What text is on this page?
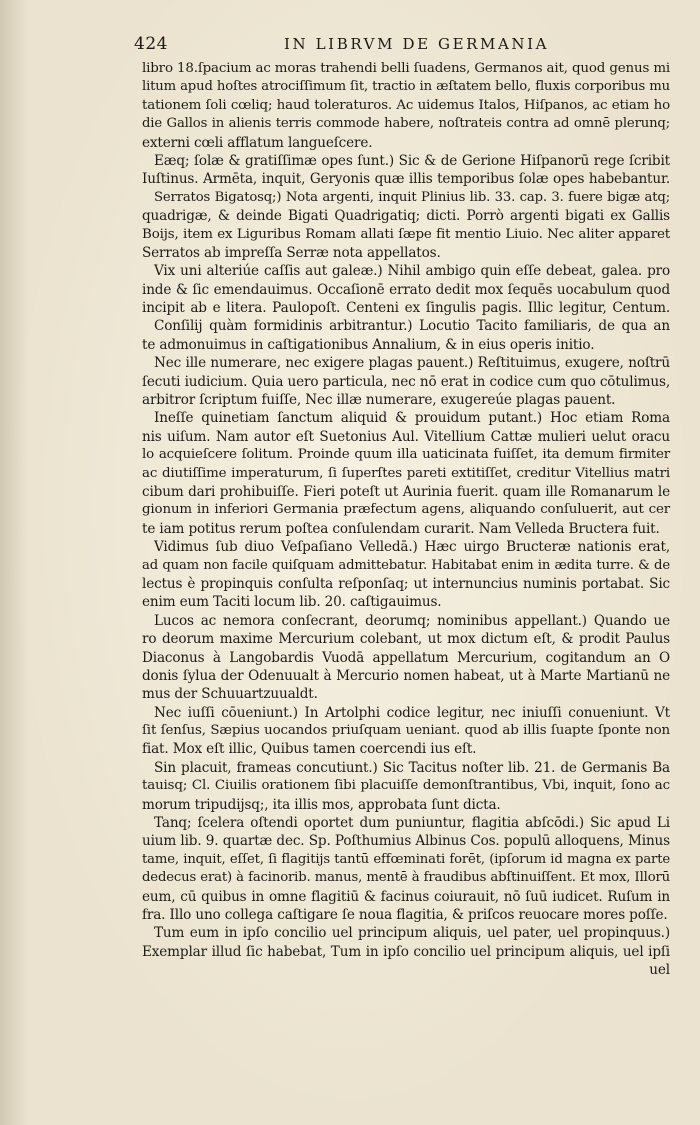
424	IN LIBRVM DE GERMANIA
libro 18.ſpacium ac moras trahendi belli ſuadens, Germanos ait, quod genus mi
litum apud hoſtes atrociſſimum ſit, tractio in æſtatem bello, fluxis corporibus mu
tationem ſoli cœliq; haud toleraturos. Ac uidemus Italos, Hiſpanos, ac etiam ho
die Gallos in alienis terris commode habere, noſtrateis contra ad omnē plerunq;
externi cœli afflatum langueſcere.
Eæq; ſolæ & gratiſſimæ opes ſunt.) Sic & de Gerione Hiſpanorū rege ſcribit
Iuſtinus. Armēta, inquit, Geryonis quæ illis temporibus ſolæ opes habebantur.
Serratos Bigatosq;) Nota argenti, inquit Plinius lib. 33. cap. 3. fuere bigæ atq;
quadrigæ, & deinde Bigati Quadrigatiq; dicti. Porrò argenti bigati ex Gallis
Boijs, item ex Liguribus Romam allati ſæpe fit mentio Liuio. Nec aliter apparet
Serratos ab impreſſa Serræ nota appellatos.
Vix uni alteriúe caſſis aut galeæ.) Nihil ambigo quin eſſe debeat, galea. pro
inde & ſic emendauimus. Occaſionē errato dedit mox ſequēs uocabulum quod
incipit ab e litera. Paulopoſt. Centeni ex ſingulis pagis. Illic legitur, Centum.
Conſilij quàm formidinis arbitrantur.) Locutio Tacito familiaris, de qua an
te admonuimus in caſtigationibus Annalium, & in eius operis initio.
Nec ille numerare, nec exigere plagas pauent.) Reſtituimus, exugere, noſtrū
ſecuti iudicium. Quia uero particula, nec nō erat in codice cum quo cōtulimus,
arbitror ſcriptum fuiſſe, Nec illæ numerare, exugereúe plagas pauent.
Ineſſe quinetiam ſanctum aliquid & prouidum putant.) Hoc etiam Roma
nis uiſum. Nam autor eſt Suetonius Aul. Vitellium Cattæ mulieri uelut oracu
lo acquieſcere ſolitum. Proinde quum illa uaticinata fuiſſet, ita demum firmiter
ac diutiſſime imperaturum, ſi ſuperſtes pareti extitiſſet, creditur Vitellius matri
cibum dari prohibuiſſe. Fieri poteſt ut Aurinia fuerit. quam ille Romanarum le
gionum in inferiori Germania præfectum agens, aliquando conſuluerit, aut cer
te iam potitus rerum poſtea conſulendam curarit. Nam Velleda Bructera fuit.
Vidimus ſub diuo Veſpaſiano Velledā.) Hæc uirgo Bructeræ nationis erat,
ad quam non facile quiſquam admittebatur. Habitabat enim in ædita turre. & de
lectus è propinquis conſulta reſponſaq; ut internuncius numinis portabat. Sic
enim eum Taciti locum lib. 20. caſtigauimus.
Lucos ac nemora conſecrant, deorumq; nominibus appellant.) Quando ue
ro deorum maxime Mercurium colebant, ut mox dictum eſt, & prodit Paulus
Diaconus à Langobardis Vuodā appellatum Mercurium, cogitandum an O
donis ſylua der Odenuualt à Mercurio nomen habeat, ut à Marte Martianū ne
mus der Schuuartzuualdt.
Nec iuſſi cōueniunt.) In Artolphi codice legitur, nec iniuſſi conueniunt. Vt
ſit ſenſus, Sæpius uocandos priuſquam ueniant. quod ab illis ſuapte ſponte non
fiat. Mox eſt illic, Quibus tamen coercendi ius eſt.
Sin placuit, frameas concutiunt.) Sic Tacitus noſter lib. 21. de Germanis Ba
tauisq; Cl. Ciuilis orationem ſibi placuiſſe demonſtrantibus, Vbi, inquit, ſono ac
morum tripudijsq;, ita illis mos, approbata ſunt dicta.
Tanq; ſcelera oſtendi oportet dum puniuntur, flagitia abſcōdi.) Sic apud Li
uium lib. 9. quartæ dec. Sp. Poſthumius Albinus Cos. populū alloquens, Minus
tame, inquit, eſſet, ſi flagitijs tantū effœminati forēt, (ipſorum id magna ex parte
dedecus erat) à facinorib. manus, mentē à fraudibus abſtinuiſſent. Et mox, Illorū
eum, cū quibus in omne flagitiū & facinus coiurauit, nō ſuū iudicet. Ruſum in
fra. Illo uno collega caſtigare ſe noua flagitia, & priſcos reuocare mores poſſe.
Tum eum in ipſo concilio uel principum aliquis, uel pater, uel propinquus.)
Exemplar illud ſic habebat, Tum in ipſo concilio uel principum aliquis, uel ipſi
uel
